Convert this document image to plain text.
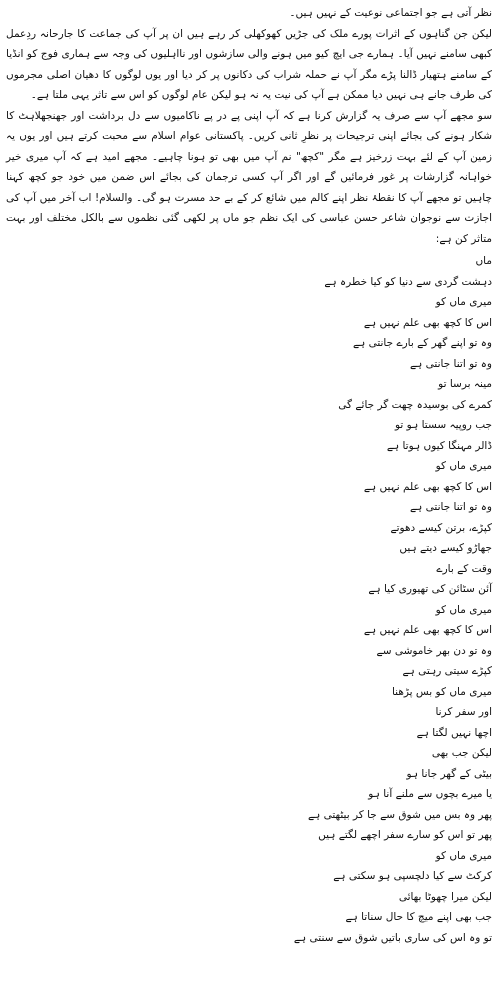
نظر آتی ہے جو اجتماعی نوعیت کے نہیں ہیں۔

لیکن جن گناہوں کے اثرات پورے ملک کی جڑیں کھوکھلی کر رہے ہیں ان پر آپ کی جماعت کا جارحانہ ردِعمل کبھی سامنے نہیں آیا۔ ہمارے جی ایچ کیو میں ہونے والی سازشوں اور نااہلیوں کی وجہ سے ہماری فوج کو انڈیا کے سامنے ہتھیار ڈالنا پڑے مگر آپ نے حملہ شراب کی دکانوں پر کر دیا اور یوں لوگوں کا دھیان اصلی مجرموں کی طرف جانے ہی نہیں دیا ممکن ہے آپ کی نیت یہ نہ ہو لیکن عام لوگوں کو اس سے تاثر یہی ملتا ہے۔

سو مجھے آپ سے صرف یہ گزارش کرنا ہے کہ آپ اپنی پے در پے ناکامیوں سے دل برداشت اور جھنجھلاہٹ کا شکار ہونے کی بجائے اپنی ترجیحات پر نظرِ ثانی کریں۔ پاکستانی عوام اسلام سے محبت کرتے ہیں اور یوں یہ زمین آپ کے لئے بہت زرخیز ہے مگر "کچھ" نم آپ میں بھی تو ہونا چاہیے۔ مجھے امید ہے کہ آپ میری خیر خواہانہ گزارشات پر غور فرمائیں گے اور اگر آپ کسی ترجمان کی بجائے اس ضمن میں خود جو کچھ کہنا چاہیں تو مجھے آپ کا نقطۂ نظر اپنے کالم میں شائع کر کے بے حد مسرت ہو گی۔ والسلام! اب آخر میں آپ کی اجازت سے نوجوان شاعر حسن عباسی کی ایک نظم جو ماں پر لکھی گئی نظموں سے بالکل مختلف اور بہت متاثر کن ہے:

ماں
دہشت گردی سے دنیا کو کیا خطرہ ہے
میری ماں کو
اس کا کچھ بھی علم نہیں ہے
وہ تو اپنے گھر کے بارے جانتی ہے
وہ تو اتنا جانتی ہے
مینہ برسا تو
کمرے کی بوسیدہ چھت گر جائے گی
جب روپیہ سستا ہو تو
ڈالر مہنگا کیوں ہوتا ہے
میری ماں کو
اس کا کچھ بھی علم نہیں ہے
وہ تو اتنا جانتی ہے
کپڑے، برتن کیسے دھوتے
جھاڑو کیسے دیتے ہیں
وقت کے بارے
آئن سٹائن کی تھیوری کیا ہے
میری ماں کو
اس کا کچھ بھی علم نہیں ہے
وہ تو دن بھر خاموشی سے
کپڑے سیتی رہتی ہے
میری ماں کو بس پڑھنا
اور سفر کرنا
اچھا نہیں لگتا ہے
لیکن جب بھی
بیٹی کے گھر جانا ہو
یا میرے بچوں سے ملنے آنا ہو
پھر وہ بس میں شوق سے جا کر بیٹھتی ہے
پھر تو اس کو سارے سفر اچھے لگتے ہیں
میری ماں کو
کرکٹ سے کیا دلچسپی ہو سکتی ہے
لیکن میرا چھوٹا بھائی
جب بھی اپنے میچ کا حال سناتا ہے
تو وہ اس کی ساری باتیں شوق سے سنتی ہے
